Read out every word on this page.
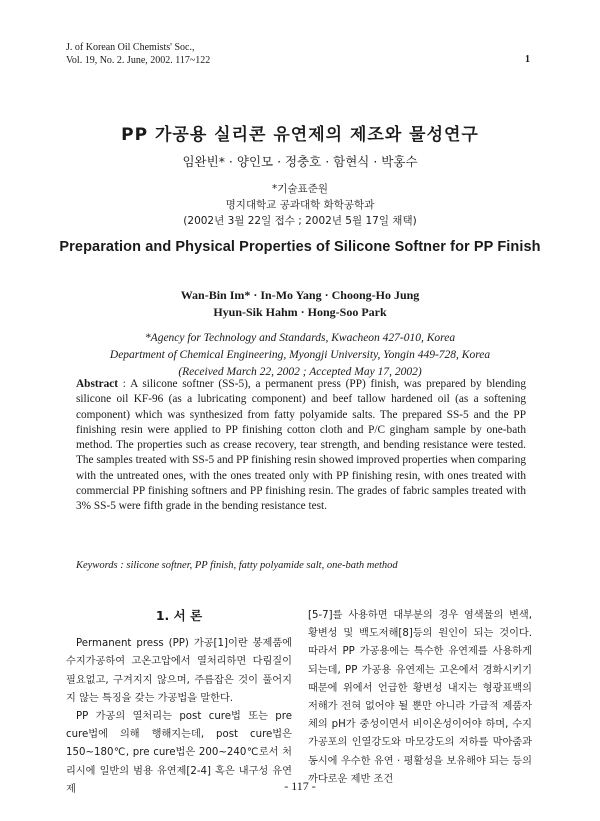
J. of Korean Oil Chemists' Soc.,
Vol. 19, No. 2. June, 2002. 117~122	1
PP 가공용 실리콘 유연제의 제조와 물성연구
임완빈* · 양인모 · 정충호 · 함현식 · 박홍수
*기술표준원
명지대학교 공과대학 화학공학과
(2002년 3월 22일 접수 ; 2002년 5월 17일 채택)
Preparation and Physical Properties of Silicone Softner for PP Finish
Wan-Bin Im* · In-Mo Yang · Choong-Ho Jung
Hyun-Sik Hahm · Hong-Soo Park
*Agency for Technology and Standards, Kwacheon 427-010, Korea
Department of Chemical Engineering, Myongji University, Yongin 449-728, Korea
(Received March 22, 2002 ; Accepted May 17, 2002)
Abstract : A silicone softner (SS-5), a permanent press (PP) finish, was prepared by blending silicone oil KF-96 (as a lubricating component) and beef tallow hardened oil (as a softening component) which was synthesized from fatty polyamide salts. The prepared SS-5 and the PP finishing resin were applied to PP finishing cotton cloth and P/C gingham sample by one-bath method. The properties such as crease recovery, tear strength, and bending resistance were tested. The samples treated with SS-5 and PP finishing resin showed improved properties when comparing with the untreated ones, with the ones treated only with PP finishing resin, with ones treated with commercial PP finishing softners and PP finishing resin. The grades of fabric samples treated with 3% SS-5 were fifth grade in the bending resistance test.
Keywords : silicone softner, PP finish, fatty polyamide salt, one-bath method
1. 서 론

Permanent press (PP) 가공[1]이란 봉제품에 수지가공하여 고온고압에서 열처리하면 다림질이 필요없고, 구겨지지 않으며, 주름잡은 것이 풀어지지 않는 특징을 갖는 가공법을 말한다.

PP 가공의 열처리는 post cure법 또는 pre cure법에 의해 행해지는데, post cure법은 150~180℃, pre cure법은 200~240℃로서 처리시에 일반의 범용 유연제[2-4] 혹은 내구성 유연제

[5-7]를 사용하면 대부분의 경우 염색물의 변색, 황변성 및 백도저해[8]등의 원인이 되는 것이다. 따라서 PP 가공용에는 특수한 유연제를 사용하게 되는데, PP 가공용 유연제는 고온에서 경화시키기 때문에 위에서 언급한 황변성 내지는 형광표백의 저해가 전혀 없어야 될 뿐만 아니라 가급적 제품자체의 pH가 중성이면서 비이온성이어야 하며, 수지가공포의 인열강도와 마모강도의 저하를 막아줌과 동시에 우수한 유연 · 평활성을 보유해야 되는 등의 까다로운 제반 조건

- 117 -
